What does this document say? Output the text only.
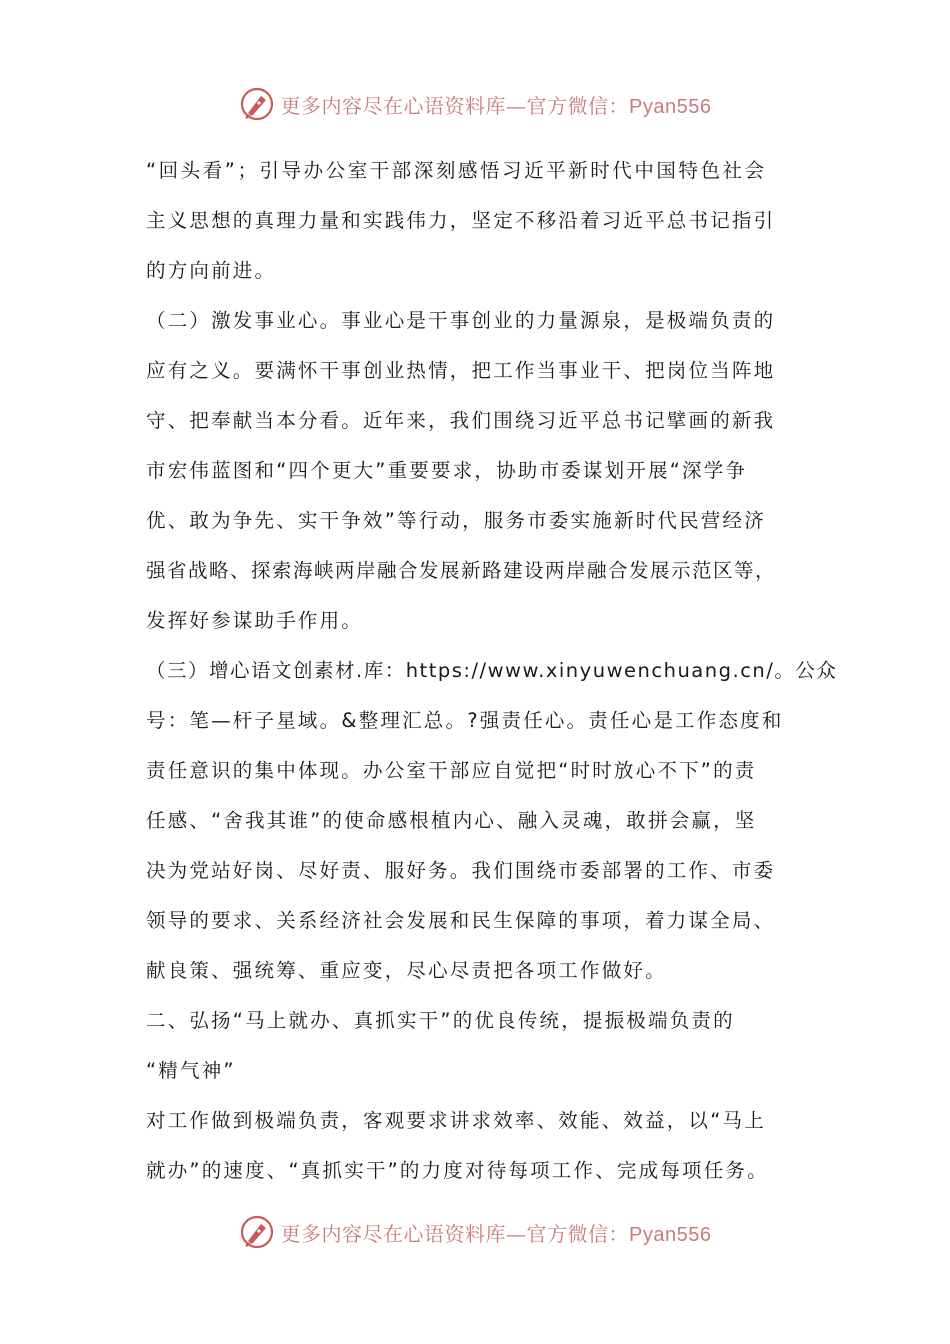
更多内容尽在心语资料库—官方微信：Pyan556
“回头看”；引导办公室干部深刻感悟习近平新时代中国特色社会
主义思想的真理力量和实践伟力，坚定不移沿着习近平总书记指引
的方向前进。
（二）激发事业心。事业心是干事创业的力量源泉，是极端负责的
应有之义。要满怀干事创业热情，把工作当事业干、把岗位当阵地
守、把奉献当本分看。近年来，我们围绕习近平总书记擘画的新我
市宏伟蓝图和“四个更大”重要要求，协助市委谋划开展“深学争
优、敢为争先、实干争效”等行动，服务市委实施新时代民营经济
强省战略、探索海峡两岸融合发展新路建设两岸融合发展示范区等，
发挥好参谋助手作用。
（三）增心语文创素材.库：https://www.xinyuwenchuang.cn/。公众
号：笔—杆子星域。&整理汇总。?强责任心。责任心是工作态度和
责任意识的集中体现。办公室干部应自觉把“时时放心不下”的责
任感、“舍我其谁”的使命感根植内心、融入灵魂，敢拼会赢，坚
决为党站好岗、尽好责、服好务。我们围绕市委部署的工作、市委
领导的要求、关系经济社会发展和民生保障的事项，着力谋全局、
献良策、强统筹、重应变，尽心尽责把各项工作做好。
二、弘扬“马上就办、真抓实干”的优良传统，提振极端负责的
“精气神”
对工作做到极端负责，客观要求讲求效率、效能、效益，以“马上
就办”的速度、“真抓实干”的力度对待每项工作、完成每项任务。
更多内容尽在心语资料库—官方微信：Pyan556
